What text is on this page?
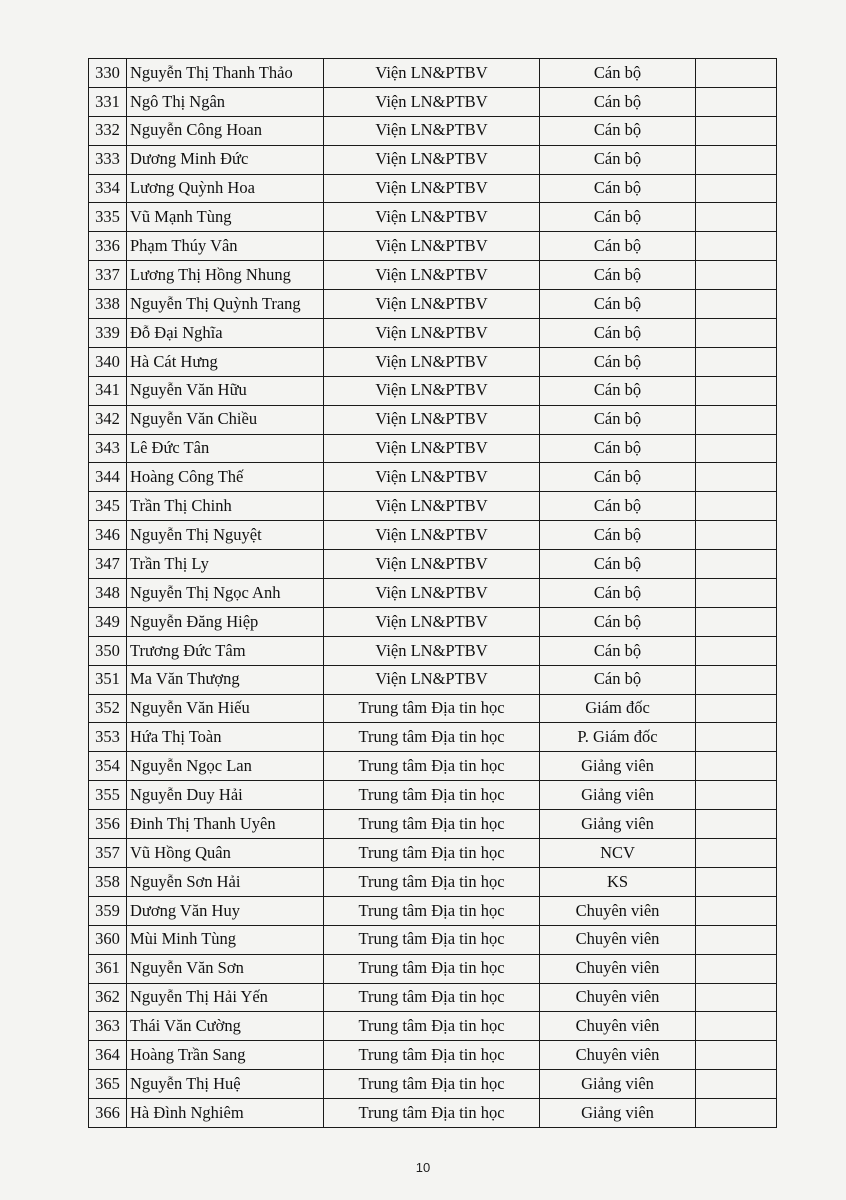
330	Nguyễn Thị Thanh Thảo	Viện LN&PTBV	Cán bộ	
331	Ngô Thị Ngân	Viện LN&PTBV	Cán bộ	
332	Nguyễn Công Hoan	Viện LN&PTBV	Cán bộ	
333	Dương Minh Đức	Viện LN&PTBV	Cán bộ	
334	Lương Quỳnh Hoa	Viện LN&PTBV	Cán bộ	
335	Vũ Mạnh Tùng	Viện LN&PTBV	Cán bộ	
336	Phạm Thúy Vân	Viện LN&PTBV	Cán bộ	
337	Lương Thị Hồng Nhung	Viện LN&PTBV	Cán bộ	
338	Nguyễn Thị Quỳnh Trang	Viện LN&PTBV	Cán bộ	
339	Đỗ Đại Nghĩa	Viện LN&PTBV	Cán bộ	
340	Hà Cát Hưng	Viện LN&PTBV	Cán bộ	
341	Nguyễn Văn Hữu	Viện LN&PTBV	Cán bộ	
342	Nguyễn Văn Chiều	Viện LN&PTBV	Cán bộ	
343	Lê Đức Tân	Viện LN&PTBV	Cán bộ	
344	Hoàng Công Thế	Viện LN&PTBV	Cán bộ	
345	Trần Thị Chinh	Viện LN&PTBV	Cán bộ	
346	Nguyễn Thị Nguyệt	Viện LN&PTBV	Cán bộ	
347	Trần Thị Ly	Viện LN&PTBV	Cán bộ	
348	Nguyễn Thị Ngọc Anh	Viện LN&PTBV	Cán bộ	
349	Nguyễn Đăng Hiệp	Viện LN&PTBV	Cán bộ	
350	Trương Đức Tâm	Viện LN&PTBV	Cán bộ	
351	Ma Văn Thượng	Viện LN&PTBV	Cán bộ	
352	Nguyễn Văn Hiếu	Trung tâm Địa tin học	Giám đốc	
353	Hứa Thị Toàn	Trung tâm Địa tin học	P. Giám đốc	
354	Nguyễn Ngọc Lan	Trung tâm Địa tin học	Giảng viên	
355	Nguyễn Duy Hải	Trung tâm Địa tin học	Giảng viên	
356	Đinh Thị Thanh Uyên	Trung tâm Địa tin học	Giảng viên	
357	Vũ Hồng Quân	Trung tâm Địa tin học	NCV	
358	Nguyễn Sơn Hải	Trung tâm Địa tin học	KS	
359	Dương Văn Huy	Trung tâm Địa tin học	Chuyên viên	
360	Mùi Minh Tùng	Trung tâm Địa tin học	Chuyên viên	
361	Nguyễn Văn Sơn	Trung tâm Địa tin học	Chuyên viên	
362	Nguyễn Thị Hải Yến	Trung tâm Địa tin học	Chuyên viên	
363	Thái Văn Cường	Trung tâm Địa tin học	Chuyên viên	
364	Hoàng Trần Sang	Trung tâm Địa tin học	Chuyên viên	
365	Nguyễn Thị Huệ	Trung tâm Địa tin học	Giảng viên	
366	Hà Đình Nghiêm	Trung tâm Địa tin học	Giảng viên	
10
